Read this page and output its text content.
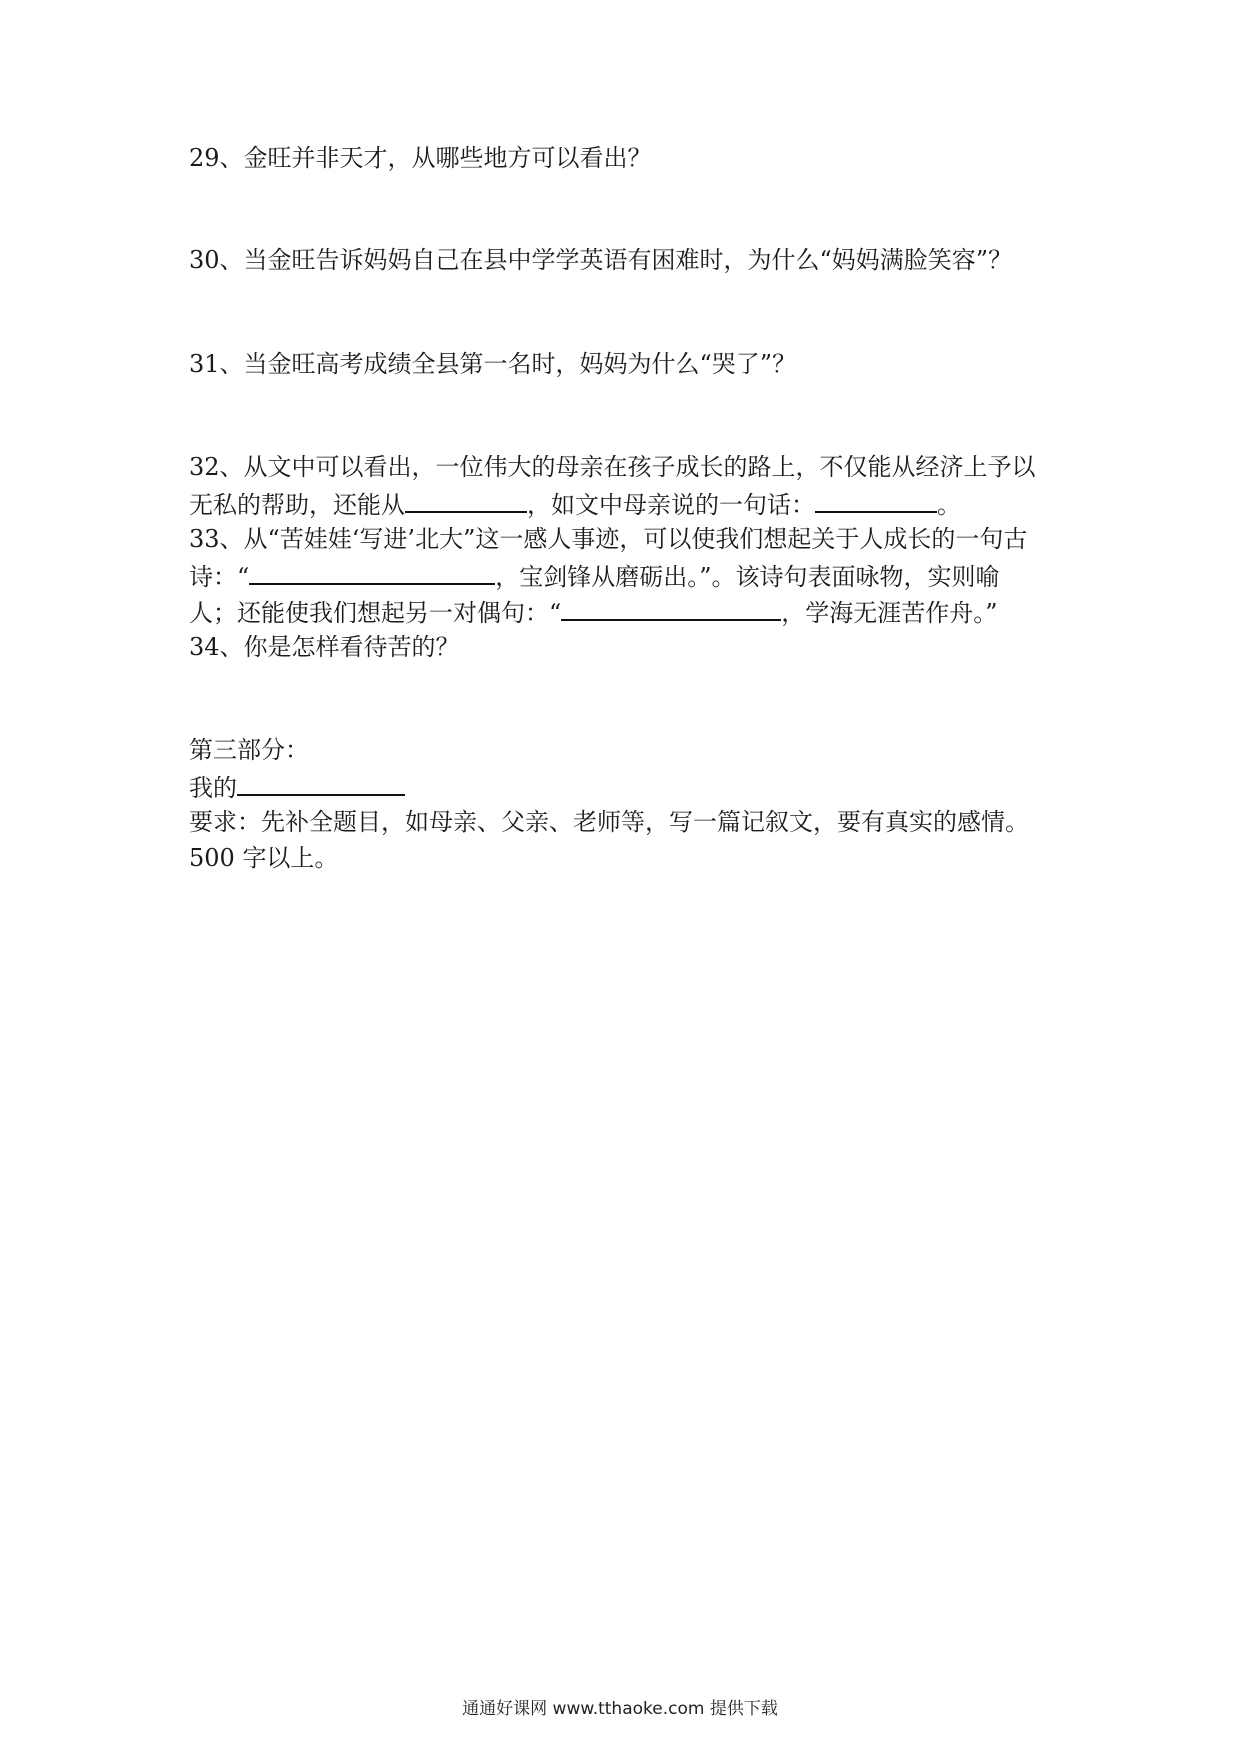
29、金旺并非天才，从哪些地方可以看出？
30、当金旺告诉妈妈自己在县中学学英语有困难时，为什么“妈妈满脸笑容”？
31、当金旺高考成绩全县第一名时，妈妈为什么“哭了”？
32、从文中可以看出，一位伟大的母亲在孩子成长的路上，不仅能从经济上予以
无私的帮助，还能从	，如文中母亲说的一句话：	。
33、从“苦娃娃‘写进’北大”这一感人事迹，可以使我们想起关于人成长的一句古
诗：“	，宝剑锋从磨砺出。”。该诗句表面咏物，实则喻
人；还能使我们想起另一对偶句：“	，学海无涯苦作舟。”
34、你是怎样看待苦的？
第三部分：
我的
要求：先补全题目，如母亲、父亲、老师等，写一篇记叙文，要有真实的感情。
500 字以上。
通通好课网 www.tthaoke.com 提供下载
